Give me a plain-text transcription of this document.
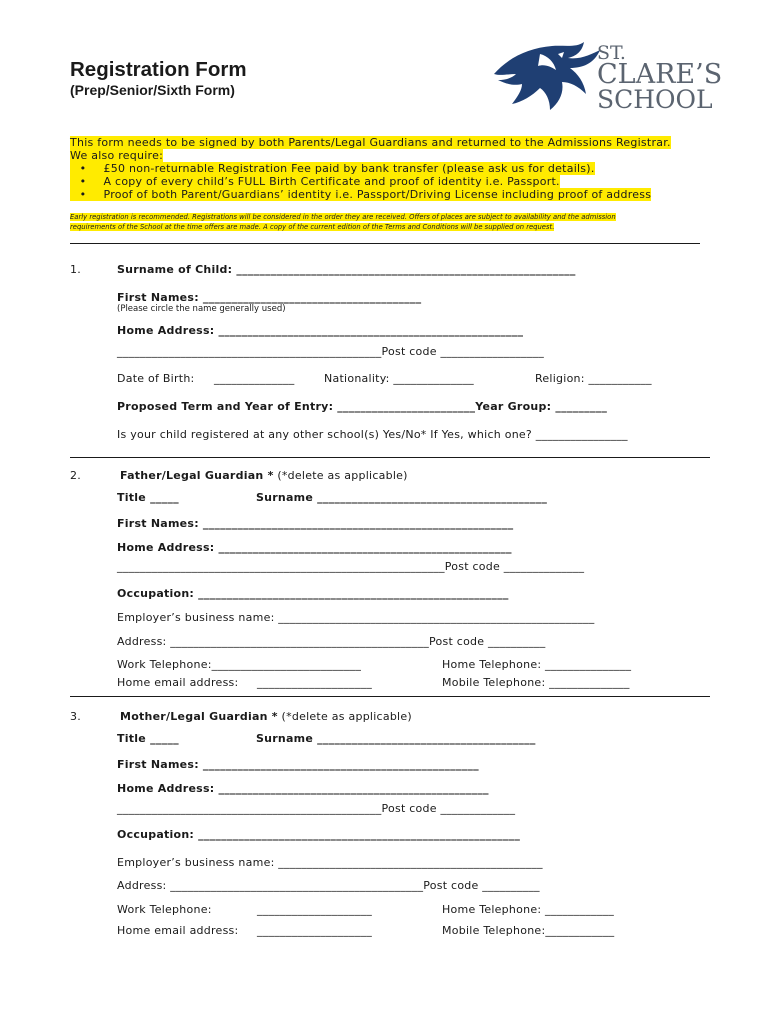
Registration Form
(Prep/Senior/Sixth Form)
ST.
CLARE’S
SCHOOL
This form needs to be signed by both Parents/Legal Guardians and returned to the Admissions Registrar.
We also require:
• £50 non-returnable Registration Fee paid by bank transfer (please ask us for details).
• A copy of every child’s FULL Birth Certificate and proof of identity i.e. Passport.
• Proof of both Parent/Guardians’ identity i.e. Passport/Driving License including proof of address
Early registration is recommended. Registrations will be considered in the order they are received. Offers of places are subject to availability and the admission
requirements of the School at the time offers are made. A copy of the current edition of the Terms and Conditions will be supplied on request.
1.	Surname of Child: ___________________________________________________________
First Names: ______________________________________
(Please circle the name generally used)
Home Address: _____________________________________________________
______________________________________________Post code __________________
Date of Birth: ______________	Nationality: ______________	Religion: ___________
Proposed Term and Year of Entry: ________________________Year Group: _________
Is your child registered at any other school(s) Yes/No* If Yes, which one? ________________
2.	Father/Legal Guardian * (*delete as applicable)
Title _____	Surname ________________________________________
First Names: ______________________________________________________
Home Address: ___________________________________________________
_________________________________________________________Post code ______________
Occupation: ______________________________________________________
Employer’s business name: _______________________________________________________
Address: _____________________________________________Post code __________
Work Telephone:__________________________	Home Telephone: _______________
Home email address: ____________________	Mobile Telephone: ______________
3.	Mother/Legal Guardian * (*delete as applicable)
Title _____	Surname ______________________________________
First Names: ________________________________________________
Home Address: _______________________________________________
______________________________________________Post code _____________
Occupation: ________________________________________________________
Employer’s business name: ______________________________________________
Address: ____________________________________________Post code __________
Work Telephone:	____________________	Home Telephone: ____________
Home email address: ____________________	Mobile Telephone:____________
